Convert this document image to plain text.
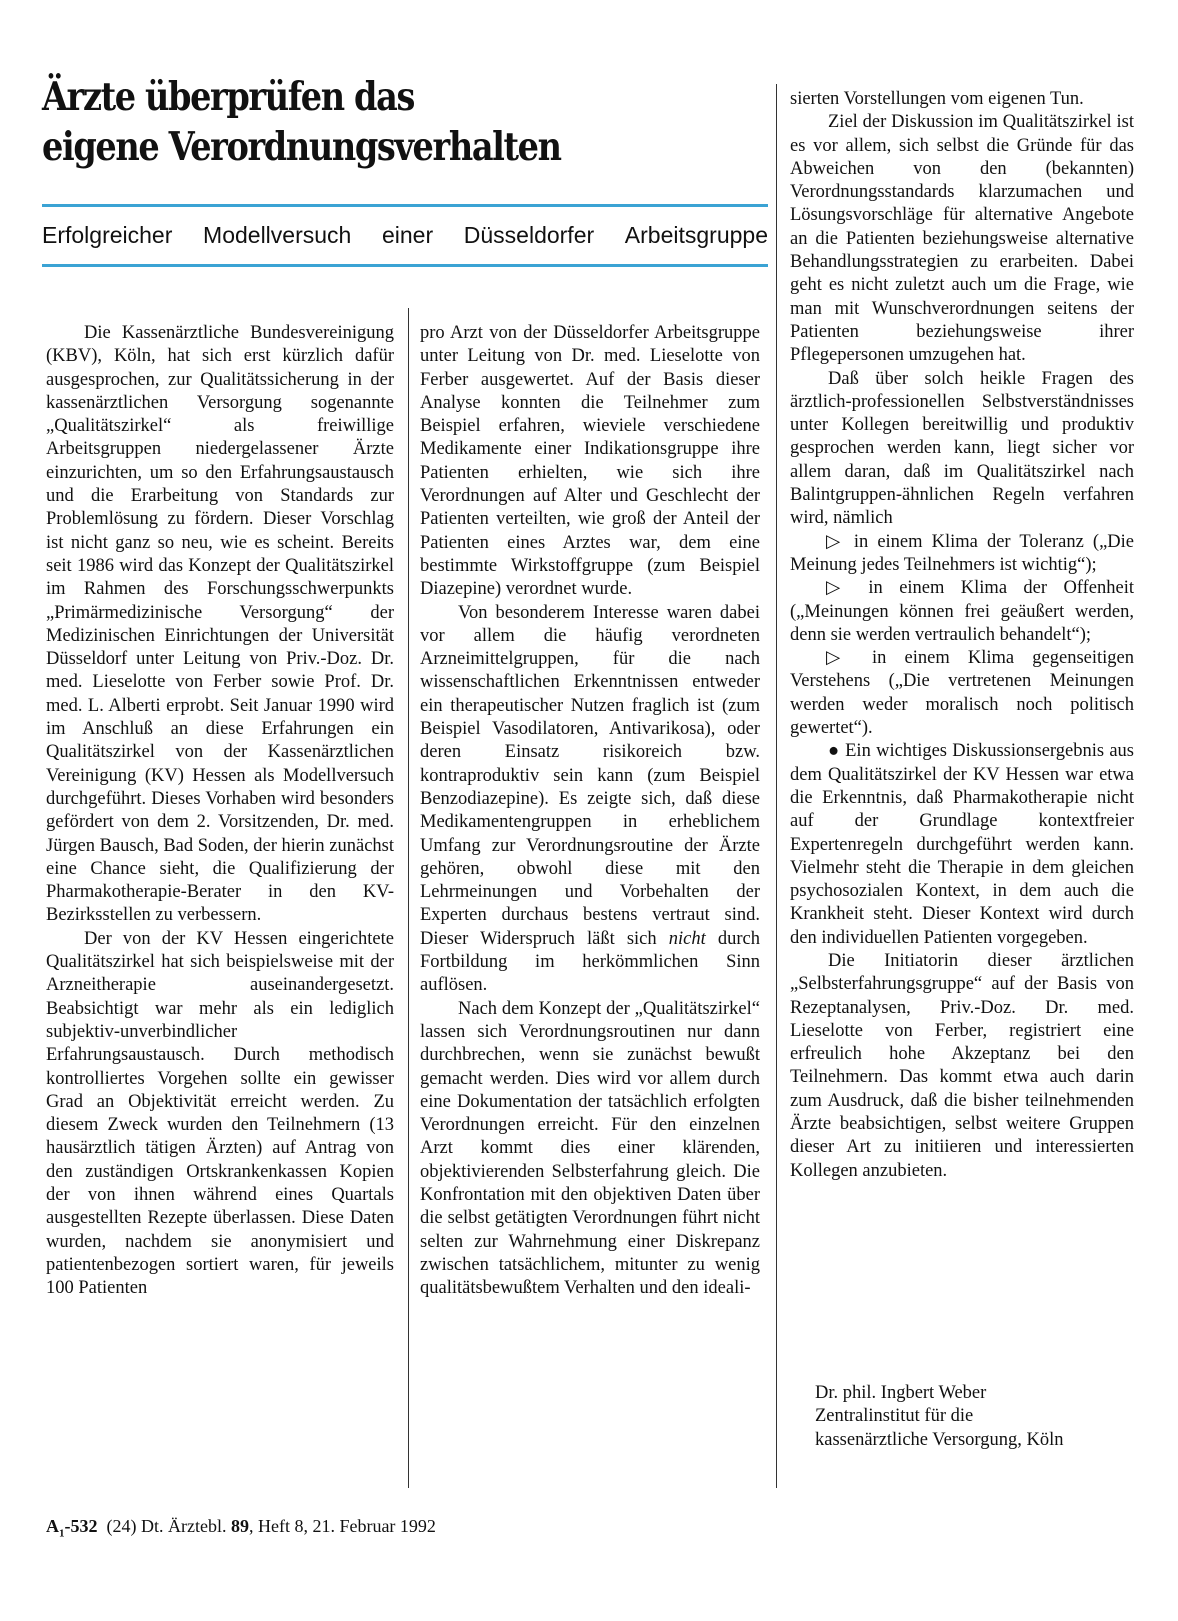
Ärzte überprüfen das
eigene Verordnungsverhalten
Erfolgreicher Modellversuch einer Düsseldorfer Arbeitsgruppe

Die Kassenärztliche Bundesvereinigung (KBV), Köln, hat sich erst kürzlich dafür ausgesprochen, zur Qualitätssicherung in der kassenärztlichen Versorgung sogenannte „Qualitätszirkel“ als freiwillige Arbeitsgruppen niedergelassener Ärzte einzurichten, um so den Erfahrungsaustausch und die Erarbeitung von Standards zur Problemlösung zu fördern. Dieser Vorschlag ist nicht ganz so neu, wie es scheint. Bereits seit 1986 wird das Konzept der Qualitätszirkel im Rahmen des Forschungsschwerpunkts „Primärmedizinische Versorgung“ der Medizinischen Einrichtungen der Universität Düsseldorf unter Leitung von Priv.-Doz. Dr. med. Lieselotte von Ferber sowie Prof. Dr. med. L. Alberti erprobt. Seit Januar 1990 wird im Anschluß an diese Erfahrungen ein Qualitätszirkel von der Kassenärztlichen Vereinigung (KV) Hessen als Modellversuch durchgeführt. Dieses Vorhaben wird besonders gefördert von dem 2. Vorsitzenden, Dr. med. Jürgen Bausch, Bad Soden, der hierin zunächst eine Chance sieht, die Qualifizierung der Pharmakotherapie-Berater in den KV-Bezirksstellen zu verbessern.

Der von der KV Hessen eingerichtete Qualitätszirkel hat sich beispielsweise mit der Arzneitherapie auseinandergesetzt. Beabsichtigt war mehr als ein lediglich subjektiv-unverbindlicher Erfahrungsaustausch. Durch methodisch kontrolliertes Vorgehen sollte ein gewisser Grad an Objektivität erreicht werden. Zu diesem Zweck wurden den Teilnehmern (13 hausärztlich tätigen Ärzten) auf Antrag von den zuständigen Ortskrankenkassen Kopien der von ihnen während eines Quartals ausgestellten Rezepte überlassen. Diese Daten wurden, nachdem sie anonymisiert und patientenbezogen sortiert waren, für jeweils 100 Patienten

pro Arzt von der Düsseldorfer Arbeitsgruppe unter Leitung von Dr. med. Lieselotte von Ferber ausgewertet. Auf der Basis dieser Analyse konnten die Teilnehmer zum Beispiel erfahren, wieviele verschiedene Medikamente einer Indikationsgruppe ihre Patienten erhielten, wie sich ihre Verordnungen auf Alter und Geschlecht der Patienten verteilten, wie groß der Anteil der Patienten eines Arztes war, dem eine bestimmte Wirkstoffgruppe (zum Beispiel Diazepine) verordnet wurde.

Von besonderem Interesse waren dabei vor allem die häufig verordneten Arzneimittelgruppen, für die nach wissenschaftlichen Erkenntnissen entweder ein therapeutischer Nutzen fraglich ist (zum Beispiel Vasodilatoren, Antivarikosa), oder deren Einsatz risikoreich bzw. kontraproduktiv sein kann (zum Beispiel Benzodiazepine). Es zeigte sich, daß diese Medikamentengruppen in erheblichem Umfang zur Verordnungsroutine der Ärzte gehören, obwohl diese mit den Lehrmeinungen und Vorbehalten der Experten durchaus bestens vertraut sind. Dieser Widerspruch läßt sich nicht durch Fortbildung im herkömmlichen Sinn auflösen.

Nach dem Konzept der „Qualitätszirkel“ lassen sich Verordnungsroutinen nur dann durchbrechen, wenn sie zunächst bewußt gemacht werden. Dies wird vor allem durch eine Dokumentation der tatsächlich erfolgten Verordnungen erreicht. Für den einzelnen Arzt kommt dies einer klärenden, objektivierenden Selbsterfahrung gleich. Die Konfrontation mit den objektiven Daten über die selbst getätigten Verordnungen führt nicht selten zur Wahrnehmung einer Diskrepanz zwischen tatsächlichem, mitunter zu wenig qualitätsbewußtem Verhalten und den ideali-

sierten Vorstellungen vom eigenen Tun.

Ziel der Diskussion im Qualitätszirkel ist es vor allem, sich selbst die Gründe für das Abweichen von den (bekannten) Verordnungsstandards klarzumachen und Lösungsvorschläge für alternative Angebote an die Patienten beziehungsweise alternative Behandlungsstrategien zu erarbeiten. Dabei geht es nicht zuletzt auch um die Frage, wie man mit Wunschverordnungen seitens der Patienten beziehungsweise ihrer Pflegepersonen umzugehen hat.

Daß über solch heikle Fragen des ärztlich-professionellen Selbstverständnisses unter Kollegen bereitwillig und produktiv gesprochen werden kann, liegt sicher vor allem daran, daß im Qualitätszirkel nach Balintgruppen-ähnlichen Regeln verfahren wird, nämlich

▷ in einem Klima der Toleranz („Die Meinung jedes Teilnehmers ist wichtig“);

▷ in einem Klima der Offenheit („Meinungen können frei geäußert werden, denn sie werden vertraulich behandelt“);

▷ in einem Klima gegenseitigen Verstehens („Die vertretenen Meinungen werden weder moralisch noch politisch gewertet“).

● Ein wichtiges Diskussionsergebnis aus dem Qualitätszirkel der KV Hessen war etwa die Erkenntnis, daß Pharmakotherapie nicht auf der Grundlage kontextfreier Expertenregeln durchgeführt werden kann. Vielmehr steht die Therapie in dem gleichen psychosozialen Kontext, in dem auch die Krankheit steht. Dieser Kontext wird durch den individuellen Patienten vorgegeben.

Die Initiatorin dieser ärztlichen „Selbsterfahrungsgruppe“ auf der Basis von Rezeptanalysen, Priv.-Doz. Dr. med. Lieselotte von Ferber, registriert eine erfreulich hohe Akzeptanz bei den Teilnehmern. Das kommt etwa auch darin zum Ausdruck, daß die bisher teilnehmenden Ärzte beabsichtigen, selbst weitere Gruppen dieser Art zu initiieren und interessierten Kollegen anzubieten.

Dr. phil. Ingbert Weber
Zentralinstitut für die
kassenärztliche Versorgung, Köln
$A_1-532$ (24) Dt. Ärztebl. 89, Heft 8, 21. Februar 1992
